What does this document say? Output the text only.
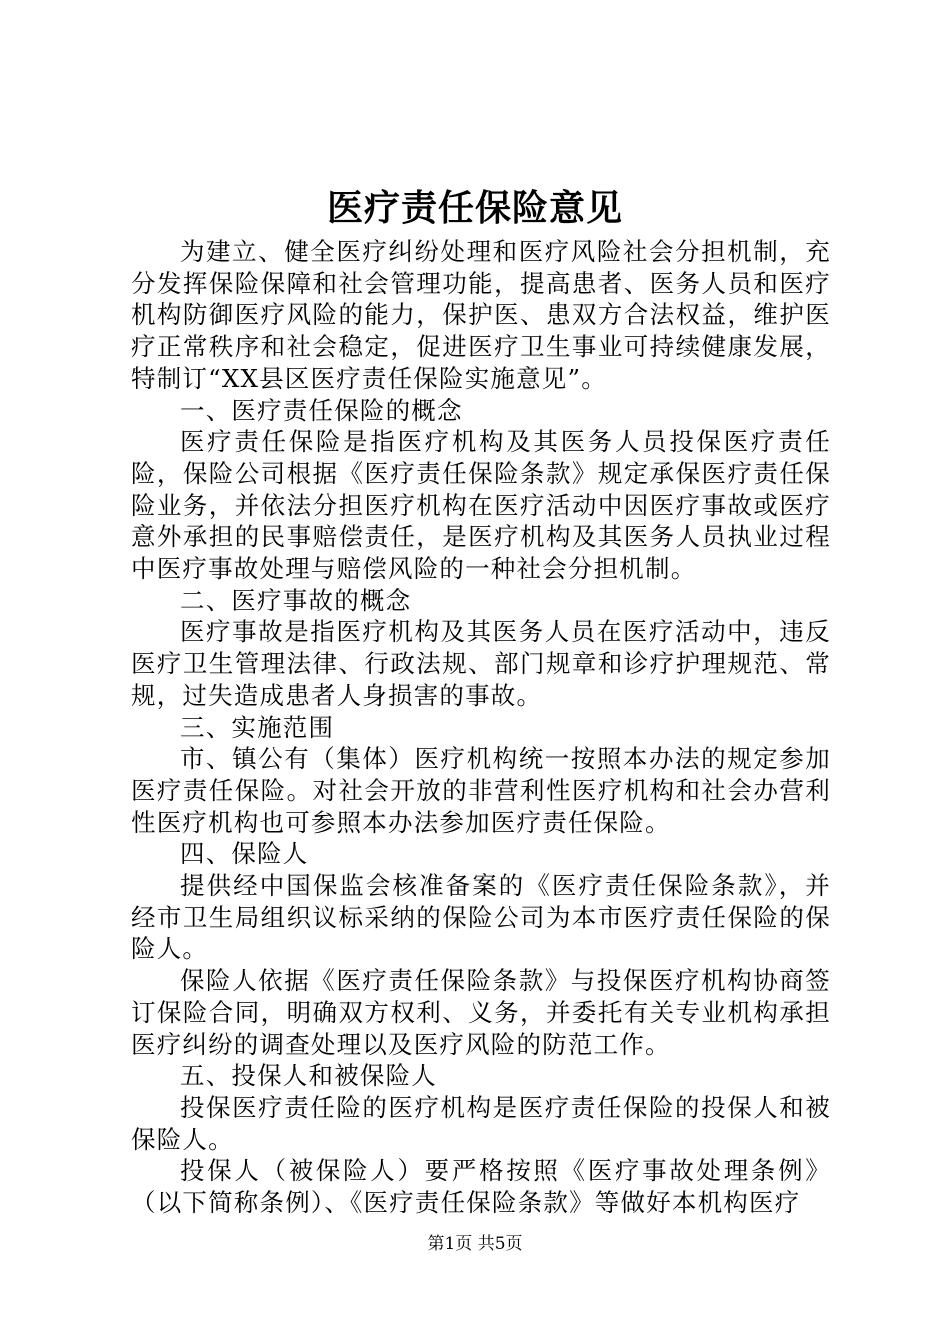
医疗责任保险意见

为建立、健全医疗纠纷处理和医疗风险社会分担机制，充分发挥保险保障和社会管理功能，提高患者、医务人员和医疗机构防御医疗风险的能力，保护医、患双方合法权益，维护医疗正常秩序和社会稳定，促进医疗卫生事业可持续健康发展，特制订“XX县区医疗责任保险实施意见”。

一、医疗责任保险的概念

医疗责任保险是指医疗机构及其医务人员投保医疗责任险，保险公司根据《医疗责任保险条款》规定承保医疗责任保险业务，并依法分担医疗机构在医疗活动中因医疗事故或医疗意外承担的民事赔偿责任，是医疗机构及其医务人员执业过程中医疗事故处理与赔偿风险的一种社会分担机制。

二、医疗事故的概念

医疗事故是指医疗机构及其医务人员在医疗活动中，违反医疗卫生管理法律、行政法规、部门规章和诊疗护理规范、常规，过失造成患者人身损害的事故。

三、实施范围

市、镇公有（集体）医疗机构统一按照本办法的规定参加医疗责任保险。对社会开放的非营利性医疗机构和社会办营利性医疗机构也可参照本办法参加医疗责任保险。

四、保险人

提供经中国保监会核准备案的《医疗责任保险条款》，并经市卫生局组织议标采纳的保险公司为本市医疗责任保险的保险人。

保险人依据《医疗责任保险条款》与投保医疗机构协商签订保险合同，明确双方权利、义务，并委托有关专业机构承担医疗纠纷的调查处理以及医疗风险的防范工作。

五、投保人和被保险人

投保医疗责任险的医疗机构是医疗责任保险的投保人和被保险人。

投保人（被保险人）要严格按照《医疗事故处理条例》（以下简称条例）、《医疗责任保险条款》等做好本机构医疗

第1页 共5页
